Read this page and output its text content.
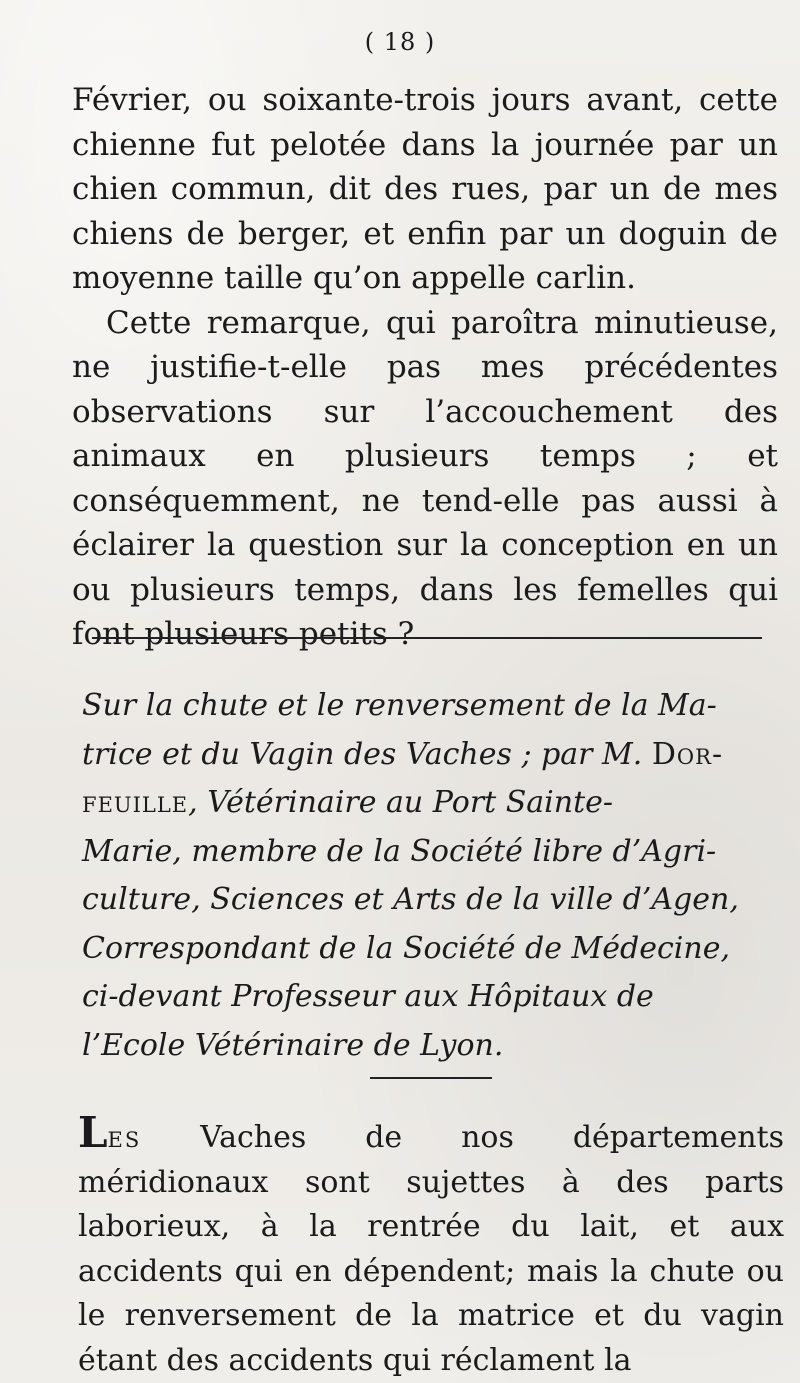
( 18 )

Février, ou soixante-trois jours avant, cette chienne fut pelotée dans la journée par un chien commun, dit des rues, par un de mes chiens de berger, et enfin par un doguin de moyenne taille qu’on appelle carlin.

Cette remarque, qui paroîtra minutieuse, ne justifie-t-elle pas mes précédentes observations sur l’accouchement des animaux en plusieurs temps ; et conséquemment, ne tend-elle pas aussi à éclairer la question sur la conception en un ou plusieurs temps, dans les femelles qui font plusieurs petits ?

Sur la chute et le renversement de la Ma-
trice et du Vagin des Vaches ; par M. Dor-
feuille, Vétérinaire au Port Sainte-
Marie, membre de la Société libre d’Agri-
culture, Sciences et Arts de la ville d’Agen,
Correspondant de la Société de Médecine,
ci-devant Professeur aux Hôpitaux de
l’Ecole Vétérinaire de Lyon.

Les Vaches de nos départements méridionaux sont sujettes à des parts laborieux, à la rentrée du lait, et aux accidents qui en dépendent; mais la chute ou le renversement de la matrice et du vagin étant des accidents qui réclament la
